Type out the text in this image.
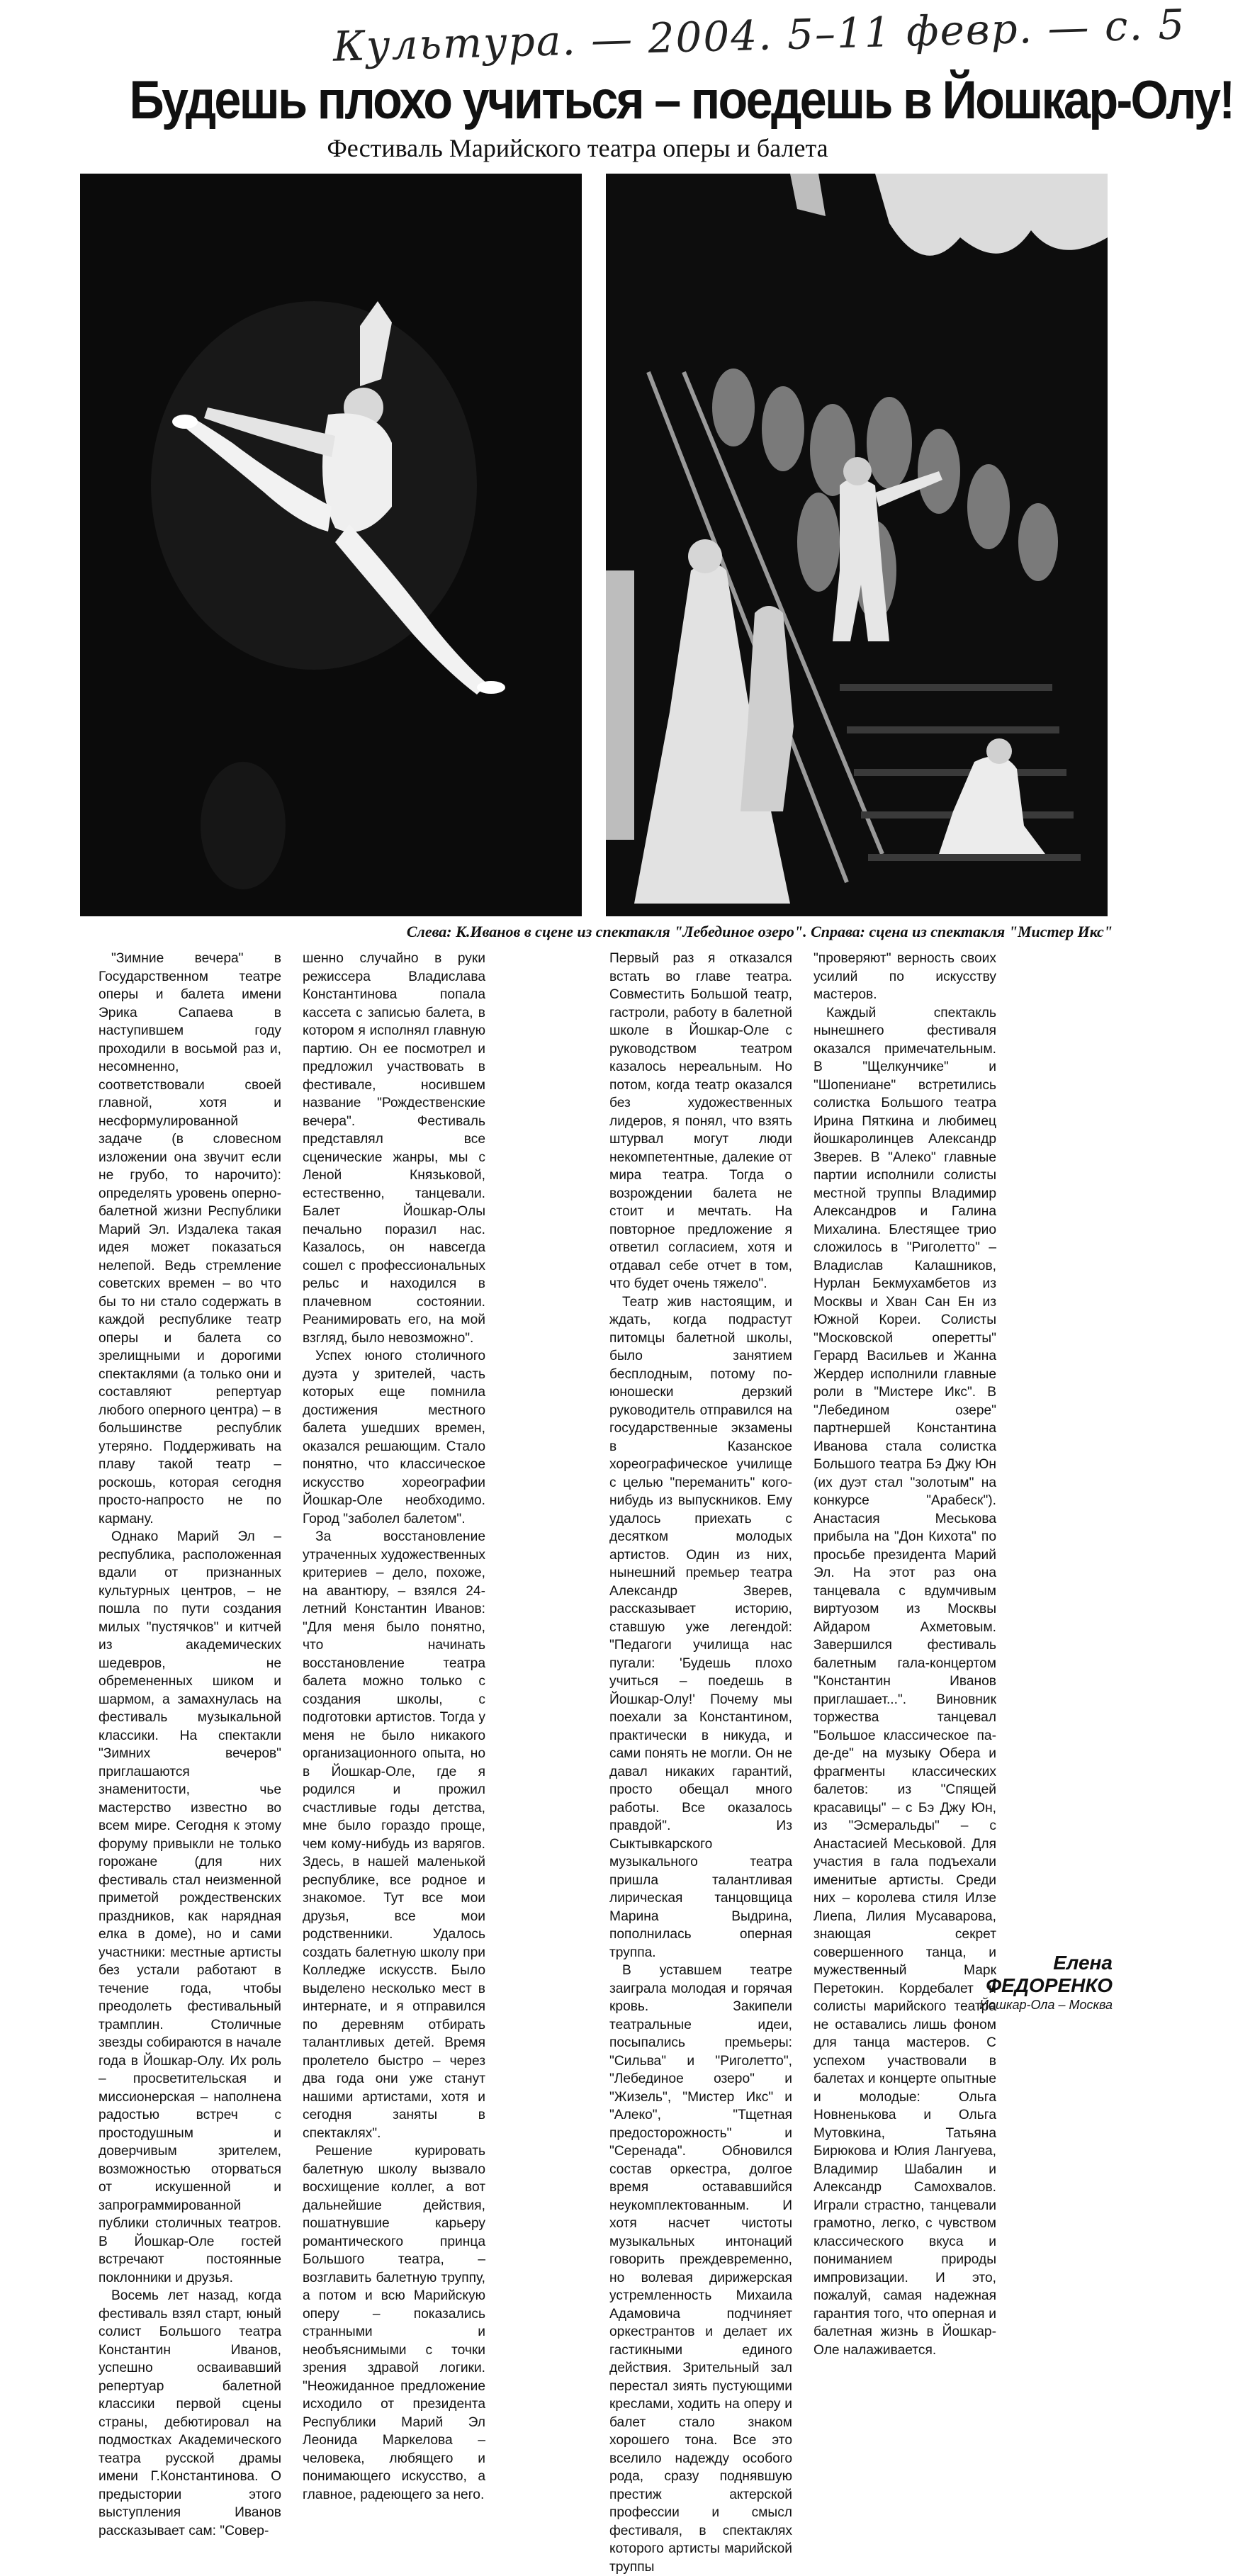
Культура. — 2004. 5–11 февр. — с. 5
Будешь плохо учиться – поедешь в Йошкар-Олу!
Фестиваль Марийского театра оперы и балета
Слева: К.Иванов в сцене из спектакля "Лебединое озеро". Справа: сцена из спектакля "Мистер Икс"

"Зимние вечера" в Государственном театре оперы и балета имени Эрика Сапаева в наступившем году проходили в восьмой раз и, несомненно, соответствовали своей главной, хотя и несформулированной задаче (в словесном изложении она звучит если не грубо, то нарочито): определять уровень оперно-балетной жизни Республики Марий Эл. Издалека такая идея может показаться нелепой. Ведь стремление советских времен – во что бы то ни стало содержать в каждой республике театр оперы и балета со зрелищными и дорогими спектаклями (а только они и составляют репертуар любого оперного центра) – в большинстве республик утеряно. Поддерживать на плаву такой театр – роскошь, которая сегодня просто-напросто не по карману.

Однако Марий Эл – республика, расположенная вдали от признанных культурных центров, – не пошла по пути создания милых "пустячков" и китчей из академических шедевров, не обремененных шиком и шармом, а замахнулась на фестиваль музыкальной классики. На спектакли "Зимних вечеров" приглашаются знаменитости, чье мастерство известно во всем мире. Сегодня к этому форуму привыкли не только горожане (для них фестиваль стал неизменной приметой рождественских праздников, как нарядная елка в доме), но и сами участники: местные артисты без устали работают в течение года, чтобы преодолеть фестивальный трамплин. Столичные звезды собираются в начале года в Йошкар-Олу. Их роль – просветительская и миссионерская – наполнена радостью встреч с простодушным и доверчивым зрителем, возможностью оторваться от искушенной и запрограммированной публики столичных театров. В Йошкар-Оле гостей встречают постоянные поклонники и друзья.

Восемь лет назад, когда фестиваль взял старт, юный солист Большого театра Константин Иванов, успешно осваивавший репертуар балетной классики первой сцены страны, дебютировал на подмостках Академического театра русской драмы имени Г.Константинова. О предыстории этого выступления Иванов рассказывает сам: "Совер-

шенно случайно в руки режиссера Владислава Константинова попала кассета с записью балета, в котором я исполнял главную партию. Он ее посмотрел и предложил участвовать в фестивале, носившем название "Рождественские вечера". Фестиваль представлял все сценические жанры, мы с Леной Князьковой, естественно, танцевали. Балет Йошкар-Олы печально поразил нас. Казалось, он навсегда сошел с профессиональных рельс и находился в плачевном состоянии. Реанимировать его, на мой взгляд, было невозможно".

Успех юного столичного дуэта у зрителей, часть которых еще помнила достижения местного балета ушедших времен, оказался решающим. Стало понятно, что классическое искусство хореографии Йошкар-Оле необходимо. Город "заболел балетом".

За восстановление утраченных художественных критериев – дело, похоже, на авантюру, – взялся 24-летний Константин Иванов: "Для меня было понятно, что начинать восстановление театра балета можно только с создания школы, с подготовки артистов. Тогда у меня не было никакого организационного опыта, но в Йошкар-Оле, где я родился и прожил счастливые годы детства, мне было гораздо проще, чем кому-нибудь из варягов. Здесь, в нашей маленькой республике, все родное и знакомое. Тут все мои друзья, все мои родственники. Удалось создать балетную школу при Колледже искусств. Было выделено несколько мест в интернате, и я отправился по деревням отбирать талантливых детей. Время пролетело быстро – через два года они уже станут нашими артистами, хотя и сегодня заняты в спектаклях".

Решение курировать балетную школу вызвало восхищение коллег, а вот дальнейшие действия, пошатнувшие карьеру романтического принца Большого театра, – возглавить балетную труппу, а потом и всю Марийскую оперу – показались странными и необъяснимыми с точки зрения здравой логики. "Неожиданное предложение исходило от президента Республики Марий Эл Леонида Маркелова – человека, любящего и понимающего искусство, а главное, радеющего за него.

Первый раз я отказался встать во главе театра. Совместить Большой театр, гастроли, работу в балетной школе в Йошкар-Оле с руководством театром казалось нереальным. Но потом, когда театр оказался без художественных лидеров, я понял, что взять штурвал могут люди некомпетентные, далекие от мира театра. Тогда о возрождении балета не стоит и мечтать. На повторное предложение я ответил согласием, хотя и отдавал себе отчет в том, что будет очень тяжело".

Театр жив настоящим, и ждать, когда подрастут питомцы балетной школы, было занятием бесплодным, потому по-юношески дерзкий руководитель отправился на государственные экзамены в Казанское хореографическое училище с целью "переманить" кого-нибудь из выпускников. Ему удалось приехать с десятком молодых артистов. Один из них, нынешний премьер театра Александр Зверев, рассказывает историю, ставшую уже легендой: "Педагоги училища нас пугали: 'Будешь плохо учиться – поедешь в Йошкар-Олу!' Почему мы поехали за Константином, практически в никуда, и сами понять не могли. Он не давал никаких гарантий, просто обещал много работы. Все оказалось правдой". Из Сыктывкарского музыкального театра пришла талантливая лирическая танцовщица Марина Выдрина, пополнилась оперная труппа.

В уставшем театре заиграла молодая и горячая кровь. Закипели театральные идеи, посыпались премьеры: "Сильва" и "Риголетто", "Лебединое озеро" и "Жизель", "Мистер Икс" и "Алеко", "Тщетная предосторожность" и "Серенада". Обновился состав оркестра, долгое время остававшийся неукомплектованным. И хотя насчет чистоты музыкальных интонаций говорить преждевременно, но волевая дирижерская устремленность Михаила Адамовича подчиняет оркестрантов и делает их гастикными единого действия. Зрительный зал перестал зиять пустующими креслами, ходить на оперу и балет стало знаком хорошего тона. Все это вселило надежду особого рода, сразу поднявшую престиж актерской профессии и смысл фестиваля, в спектаклях которого артисты марийской труппы

"проверяют" верность своих усилий по искусству мастеров.

Каждый спектакль нынешнего фестиваля оказался примечательным. В "Щелкунчике" и "Шопениане" встретились солистка Большого театра Ирина Пяткина и любимец йошкаролинцев Александр Зверев. В "Алеко" главные партии исполнили солисты местной труппы Владимир Александров и Галина Михалина. Блестящее трио сложилось в "Риголетто" – Владислав Калашников, Нурлан Бекмухамбетов из Москвы и Хван Сан Ен из Южной Кореи. Солисты "Московской оперетты" Герард Васильев и Жанна Жердер исполнили главные роли в "Мистере Икс". В "Лебедином озере" партнершей Константина Иванова стала солистка Большого театра Бэ Джу Юн (их дуэт стал "золотым" на конкурсе "Арабеск"). Анастасия Меськова прибыла на "Дон Кихота" по просьбе президента Марий Эл. На этот раз она танцевала с вдумчивым виртуозом из Москвы Айдаром Ахметовым. Завершился фестиваль балетным гала-концертом "Константин Иванов приглашает...". Виновник торжества танцевал "Большое классическое па-де-де" на музыку Обера и фрагменты классических балетов: из "Спящей красавицы" – с Бэ Джу Юн, из "Эсмеральды" – с Анастасией Меськовой. Для участия в гала подъехали именитые артисты. Среди них – королева стиля Илзе Лиепа, Лилия Мусаварова, знающая секрет совершенного танца, и мужественный Марк Перетокин. Кордебалет и солисты марийского театра не оставались лишь фоном для танца мастеров. С успехом участвовали в балетах и концерте опытные и молодые: Ольга Новненькова и Ольга Мутовкина, Татьяна Бирюкова и Юлия Лангуева, Владимир Шабалин и Александр Самохвалов. Играли страстно, танцевали грамотно, легко, с чувством классического вкуса и пониманием природы импровизации. И это, пожалуй, самая надежная гарантия того, что оперная и балетная жизнь в Йошкар-Оле налаживается.

Елена ФЕДОРЕНКО
Йошкар-Ола – Москва
